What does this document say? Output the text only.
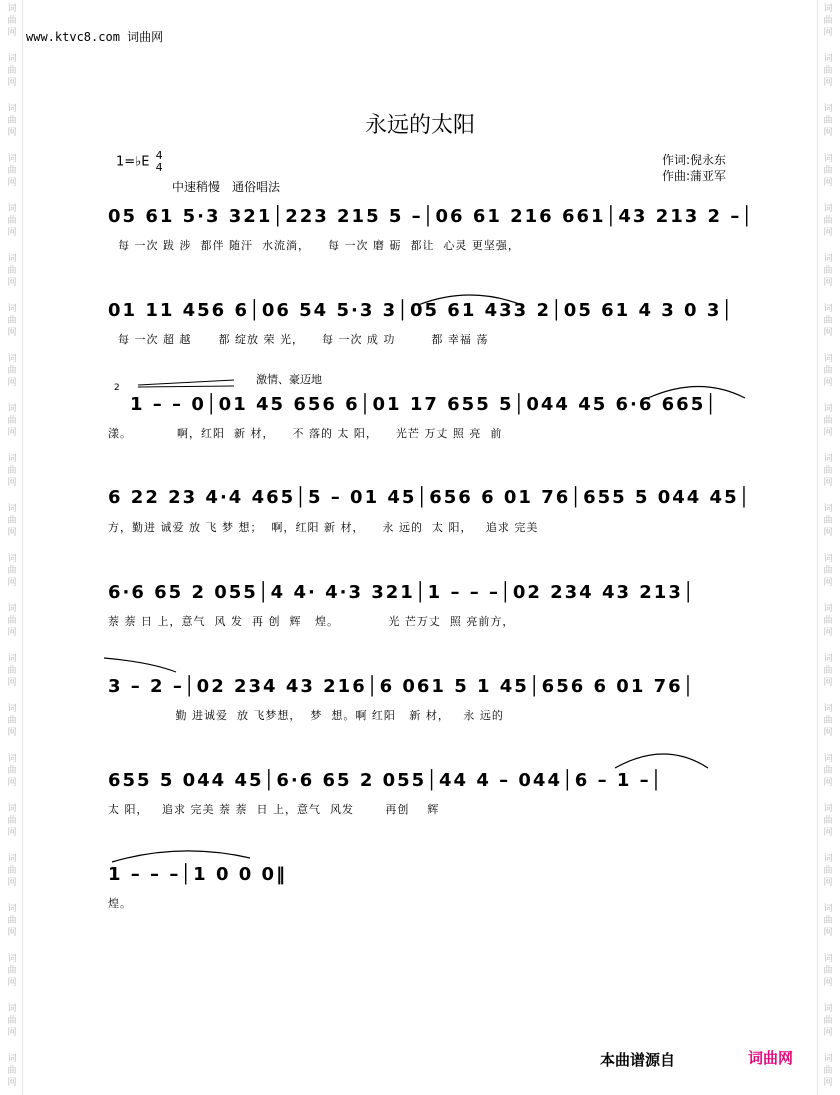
词
曲
网
词
曲
网
词
曲
网
词
曲
网
词
曲
网
词
曲
网
词
曲
网
词
曲
网
词
曲
网
词
曲
网
词
曲
网
词
曲
网
词
曲
网
词
曲
网
词
曲
网
词
曲
网
词
曲
网
词
曲
网
词
曲
网
词
曲
网
词
曲
网
词
曲
网
词
曲
网
词
曲
网
词
曲
网
词
曲
网
词
曲
网
词
曲
网
词
曲
网
词
曲
网
词
曲
网
词
曲
网
词
曲
网
词
曲
网
词
曲
网
词
曲
网
词
曲
网
词
曲
网
词
曲
网
词
曲
网
词
曲
网
词
曲
网
词
曲
网
词
曲
网
www.ktvc8.com 词曲网
永远的太阳
1=♭E 4
4
中速稍慢　通俗唱法
作词:倪永东
作曲:蒲亚军
激情、豪迈地
2
05 61 5·3 321│223 215 5 –│06 61 216 661│43 213 2 –│
每 一次 跋 涉  都伴 随汗  水流淌，    每 一次 磨 砺  都让  心灵 更坚强，
01 11 456 6│06 54 5·3 3│05 61 433 2│05 61 4 3 0 3│
每 一次 超 越      都 绽放 荣 光，    每 一次 成 功        都 幸福 荡
1 – – 0│01 45 656 6│01 17 655 5│044 45 6·6 665│
漾。          啊，红阳  新 材，    不 落的 太 阳，    光芒 万丈 照 亮  前
6 22 23 4·4 465│5 – 01 45│656 6 01 76│655 5 044 45│
方，勤进 诚爱 放 飞 梦 想；  啊，红阳 新 材，    永 远的  太 阳，   追求 完美
6·6 65 2 055│4 4· 4·3 321│1 – – –│02 234 43 213│
萘 萘 日 上，意气  风 发  再 创  辉   煌。           光 芒万丈  照 亮前方，
3 – 2 –│02 234 43 216│6 061 5 1 45│656 6 01 76│
勤 进诚爱  放 飞梦想，  梦  想。啊 红阳   新 材，   永 远的
655 5 044 45│6·6 65 2 055│44 4 – 044│6 – 1 –│
太 阳，   追求 完美 萘 萘  日 上，意气  风发       再创    辉
1 – – –│1 0 0 0‖
煌。
本曲谱源自	词曲网
